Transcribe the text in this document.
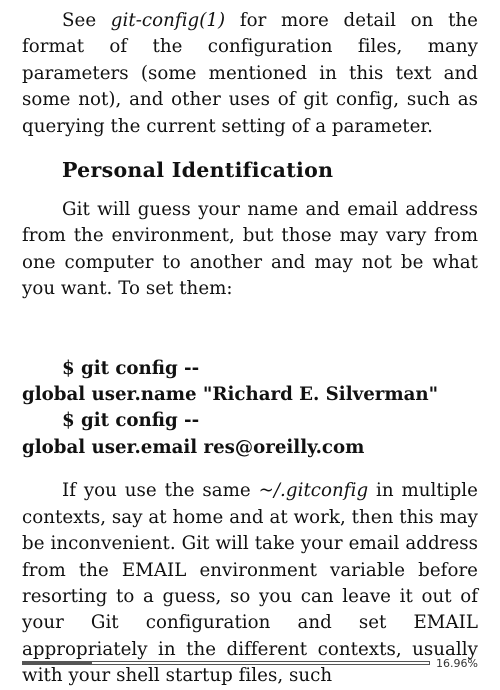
See git-config(1) for more detail on the format of the configuration files, many parameters (some mentioned in this text and some not), and other uses of git config, such as querying the current setting of a parameter.

Personal Identification

Git will guess your name and email address from the environment, but those may vary from one computer to another and may not be what you want. To set them:

$ git config --
global user.name "Richard E. Silverman"
$ git config --
global user.email res@oreilly.com

If you use the same ~/.gitconfig in multiple contexts, say at home and at work, then this may be inconvenient. Git will take your email address from the EMAIL environment variable before resorting to a guess, so you can leave it out of your Git configuration and set EMAIL appropriately in the different contexts, usually with your shell startup files, such

16.96%
